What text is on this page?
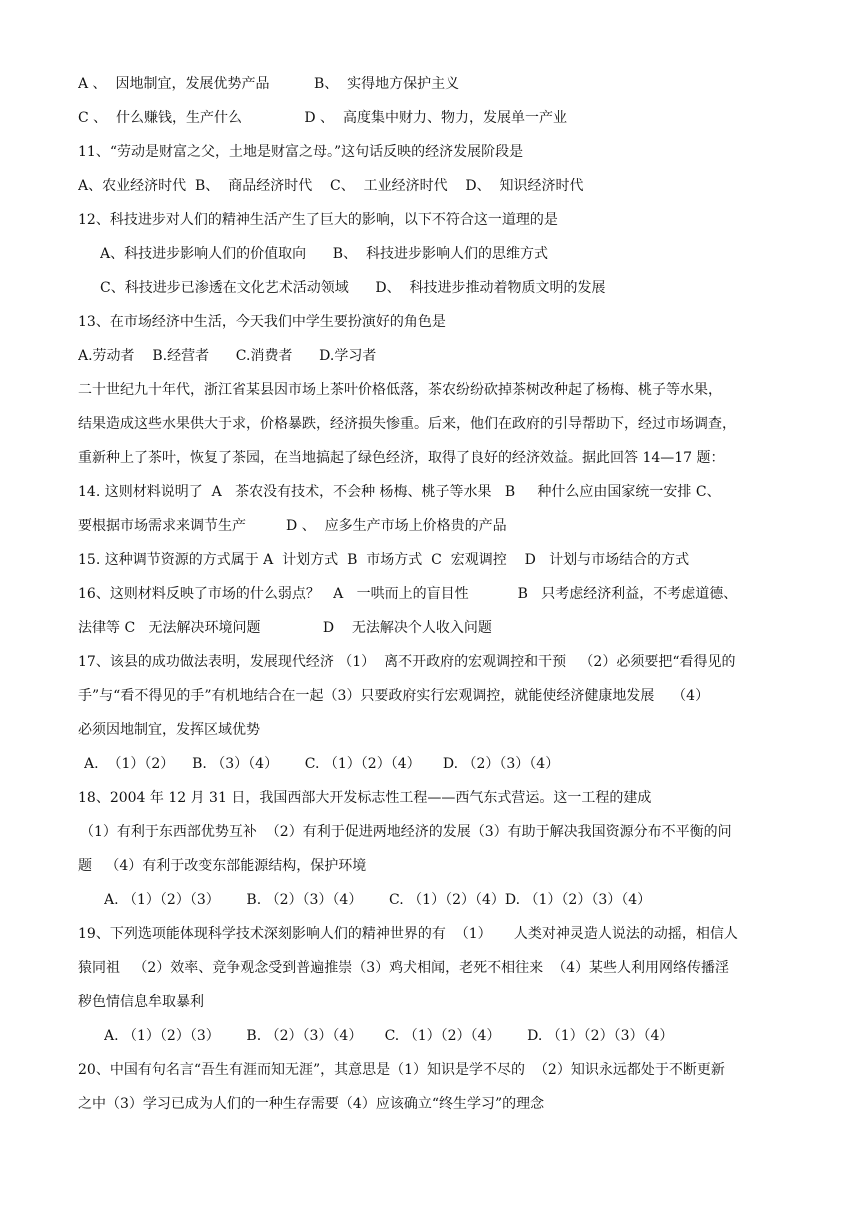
A 、  因地制宜，发展优势产品          B、  实得地方保护主义
C 、  什么赚钱，生产什么              D 、  高度集中财力、物力，发展单一产业
11、“劳动是财富之父，土地是财富之母。”这句话反映的经济发展阶段是
A、农业经济时代  B、  商品经济时代    C、  工业经济时代    D、  知识经济时代
12、科技进步对人们的精神生活产生了巨大的影响，以下不符合这一道理的是
A、科技进步影响人们的价值取向      B、  科技进步影响人们的思维方式
C、科技进步已渗透在文化艺术活动领域      D、  科技进步推动着物质文明的发展
13、在市场经济中生活，今天我们中学生要扮演好的角色是
A.劳动者    B.经营者      C.消费者      D.学习者
二十世纪九十年代，浙江省某县因市场上茶叶价格低落，茶农纷纷砍掉茶树改种起了杨梅、桃子等水果，
结果造成这些水果供大于求，价格暴跌，经济损失惨重。后来，他们在政府的引导帮助下，经过市场调查，
重新种上了茶叶，恢复了茶园，在当地搞起了绿色经济，取得了良好的经济效益。据此回答 14—17 题：
14. 这则材料说明了  A   茶农没有技术，不会种 杨梅、桃子等水果   B     种什么应由国家统一安排 C、
要根据市场需求来调节生产         D 、  应多生产市场上价格贵的产品
15. 这种调节资源的方式属于 A  计划方式  B  市场方式  C  宏观调控    D   计划与市场结合的方式
16、这则材料反映了市场的什么弱点？   A   一哄而上的盲目性           B   只考虑经济利益，不考虑道德、
法律等 C   无法解决环境问题              D    无法解决个人收入问题
17、该县的成功做法表明，发展现代经济 （1）  离不开政府的宏观调控和干预   （2）必须要把“看得见的
手”与“看不得见的手”有机地结合在一起（3）只要政府实行宏观调控，就能使经济健康地发展    （4）
必须因地制宜，发挥区域优势
A.  （1）（2）    B. （3）（4）      C. （1）（2）（4）     D. （2）（3）（4）
18、2004 年 12 月 31 日，我国西部大开发标志性工程——西气东式营运。这一工程的建成
（1）有利于东西部优势互补  （2）有利于促进两地经济的发展（3）有助于解决我国资源分布不平衡的问
题   （4）有利于改变东部能源结构，保护环境
A. （1）（2）（3）      B. （2）（3）（4）      C. （1）（2）（4）D. （1）（2）（3）（4）
19、下列选项能体现科学技术深刻影响人们的精神世界的有  （1）     人类对神灵造人说法的动摇，相信人
猿同祖   （2）效率、竞争观念受到普遍推崇（3）鸡犬相闻，老死不相往来  （4）某些人利用网络传播淫
秽色情信息牟取暴利
A. （1）（2）（3）      B. （2）（3）（4）     C. （1）（2）（4）      D. （1）（2）（3）（4）
20、中国有句名言“吾生有涯而知无涯”，其意思是（1）知识是学不尽的  （2）知识永远都处于不断更新
之中（3）学习已成为人们的一种生存需要（4）应该确立“终生学习”的理念
